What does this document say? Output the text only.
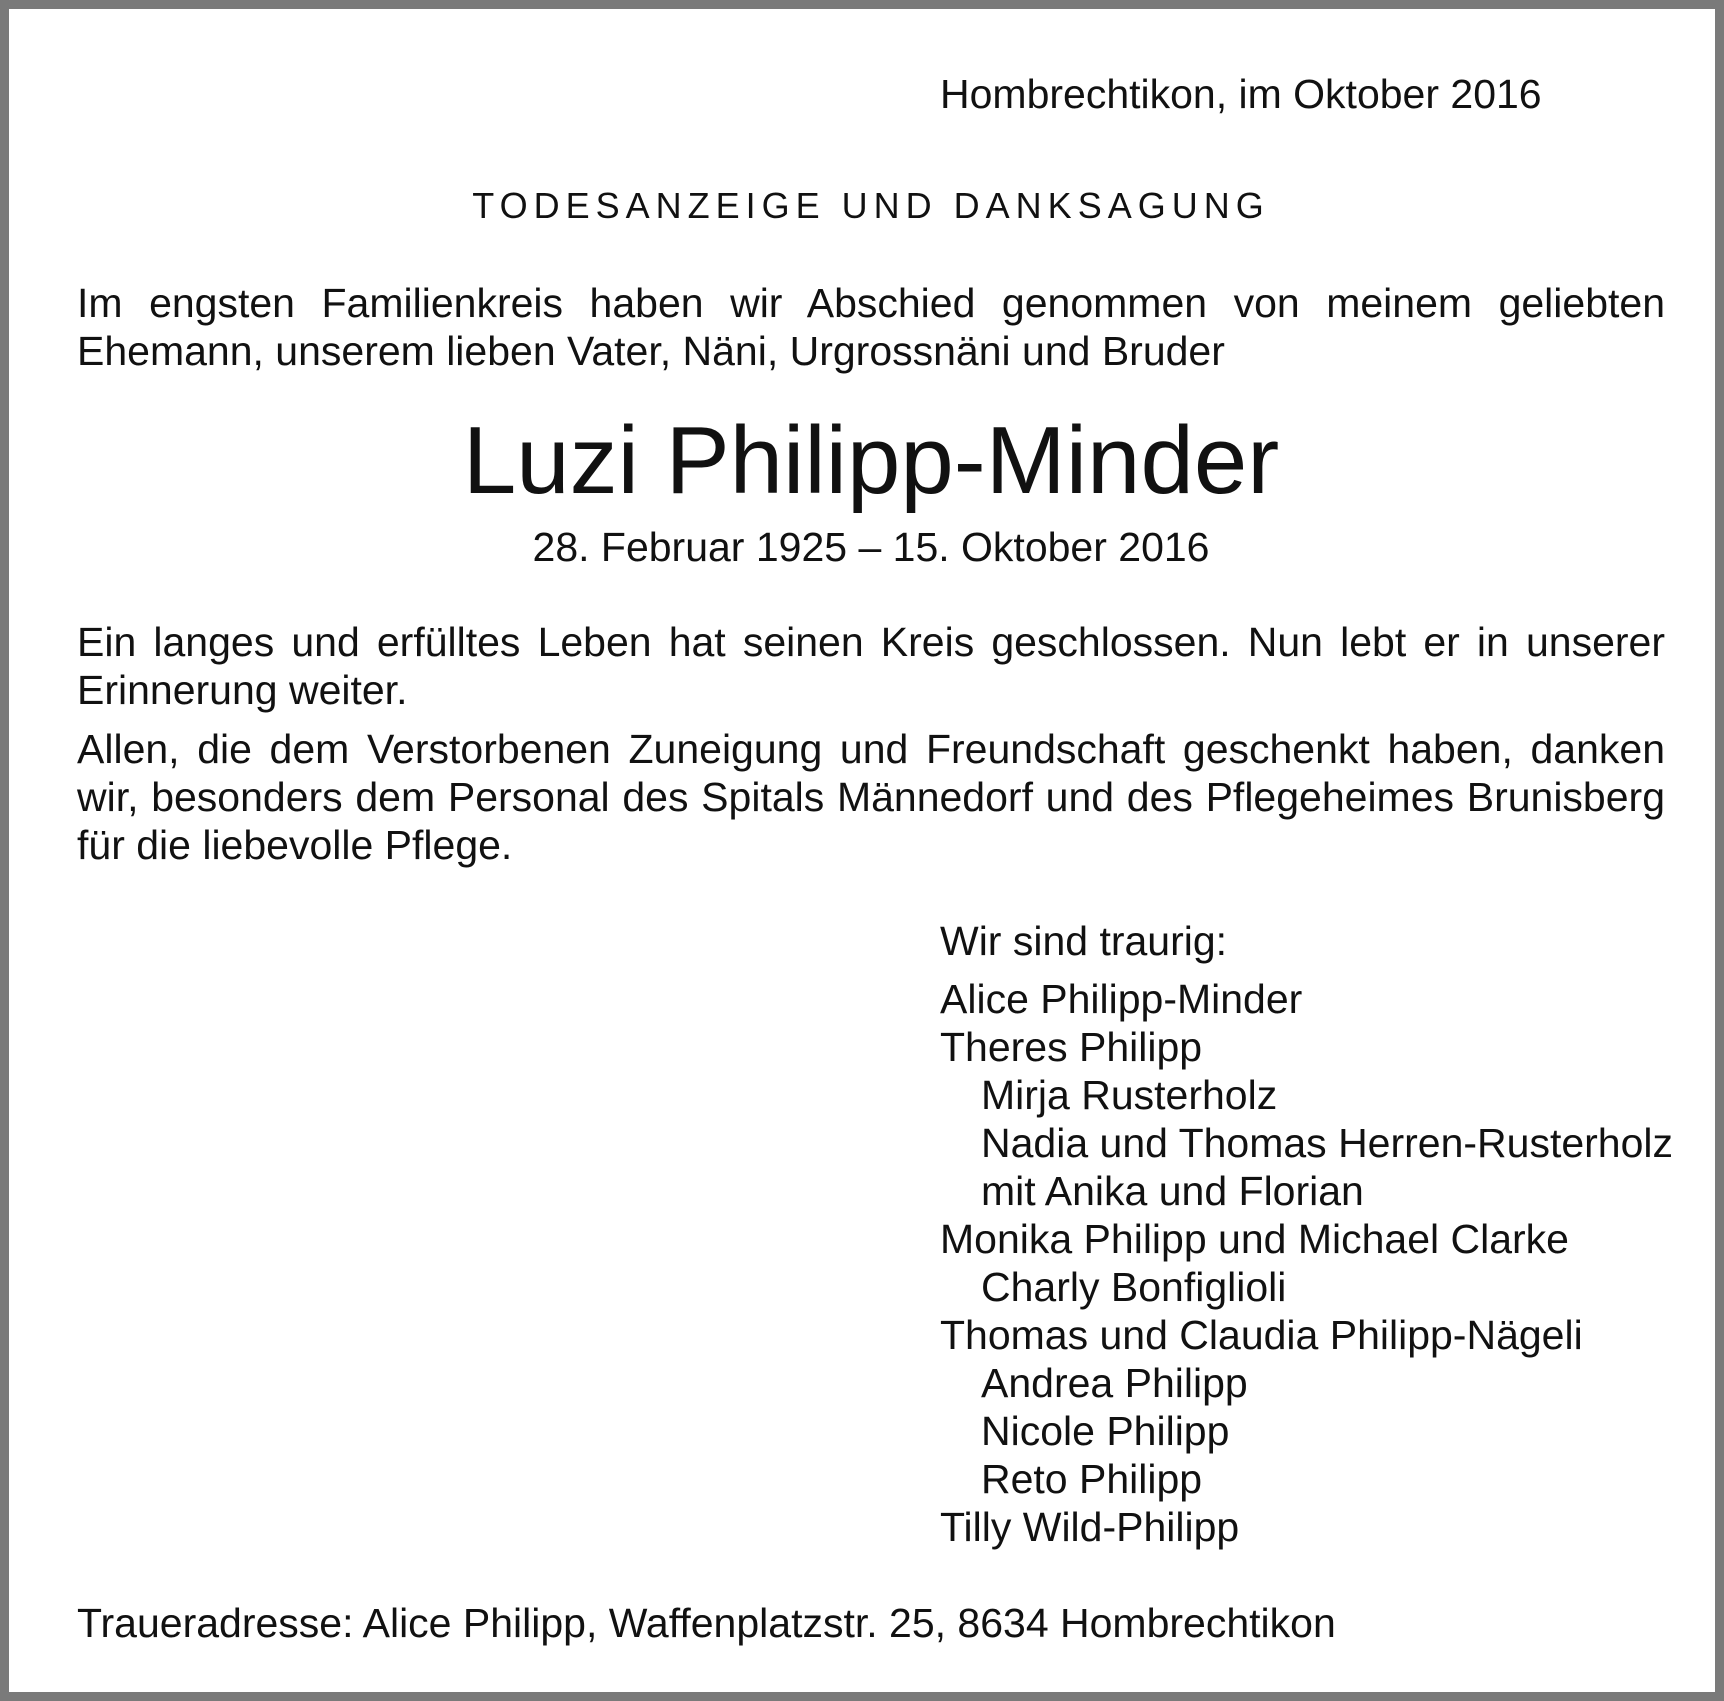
Hombrechtikon, im Oktober 2016

TODESANZEIGE UND DANKSAGUNG

Im engsten Familienkreis haben wir Abschied genommen von meinem geliebten Ehemann, unserem lieben Vater, Näni, Urgrossnäni und Bruder

Luzi Philipp-Minder

28. Februar 1925 – 15. Oktober 2016

Ein langes und erfülltes Leben hat seinen Kreis geschlossen. Nun lebt er in unserer Erinnerung weiter.

Allen, die dem Verstorbenen Zuneigung und Freundschaft geschenkt haben, danken wir, besonders dem Personal des Spitals Männedorf und des Pflegeheimes Brunisberg für die liebevolle Pflege.

Wir sind traurig:

Alice Philipp-Minder
Theres Philipp
Mirja Rusterholz
Nadia und Thomas Herren-Rusterholz
mit Anika und Florian
Monika Philipp und Michael Clarke
Charly Bonfiglioli
Thomas und Claudia Philipp-Nägeli
Andrea Philipp
Nicole Philipp
Reto Philipp
Tilly Wild-Philipp

Traueradresse: Alice Philipp, Waffenplatzstr. 25, 8634 Hombrechtikon
